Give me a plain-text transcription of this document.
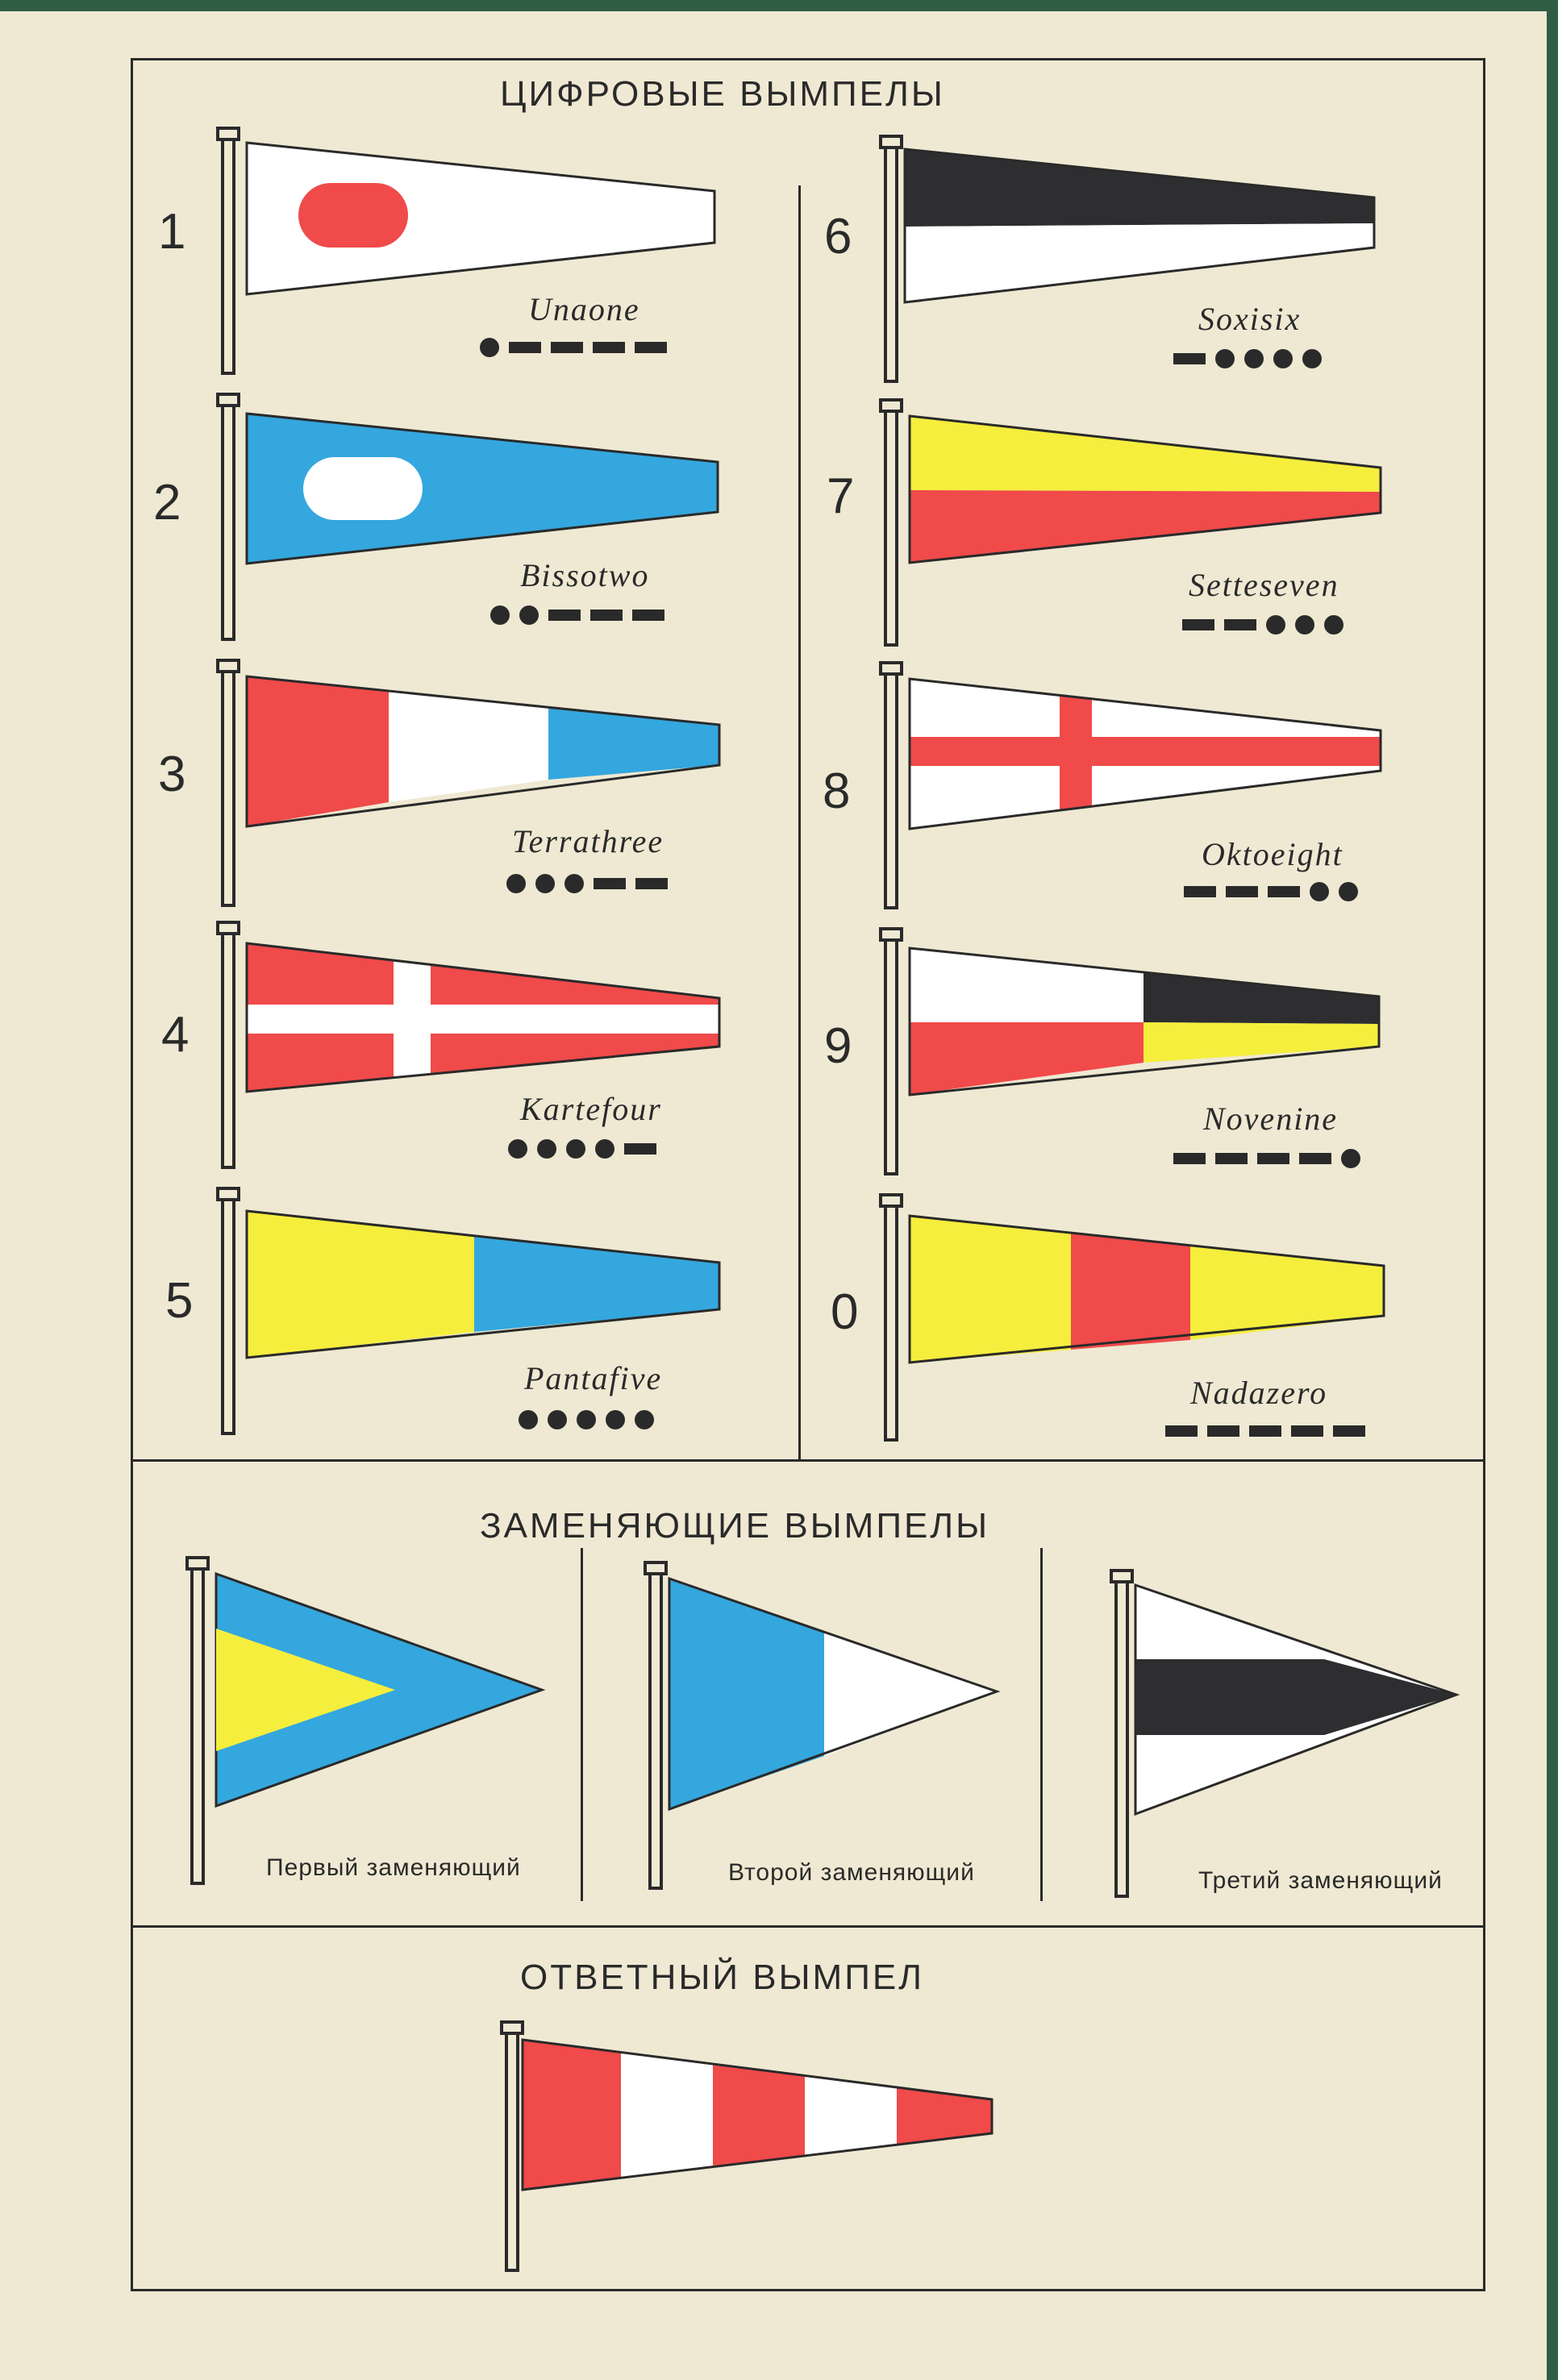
ЦИФРОВЫЕ ВЫМПЕЛЫ
ЗАМЕНЯЮЩИЕ ВЫМПЕЛЫ
ОТВЕТНЫЙ ВЫМПЕЛ
1
Unaone
2
Bissotwo
3
Terrathree
4
Kartefour
5
Pantafive
6
Soxisix
7
Setteseven
8
Oktoeight
9
Novenine
0
Nadazero
Первый заменяющий	Второй заменяющий	Третий заменяющий
